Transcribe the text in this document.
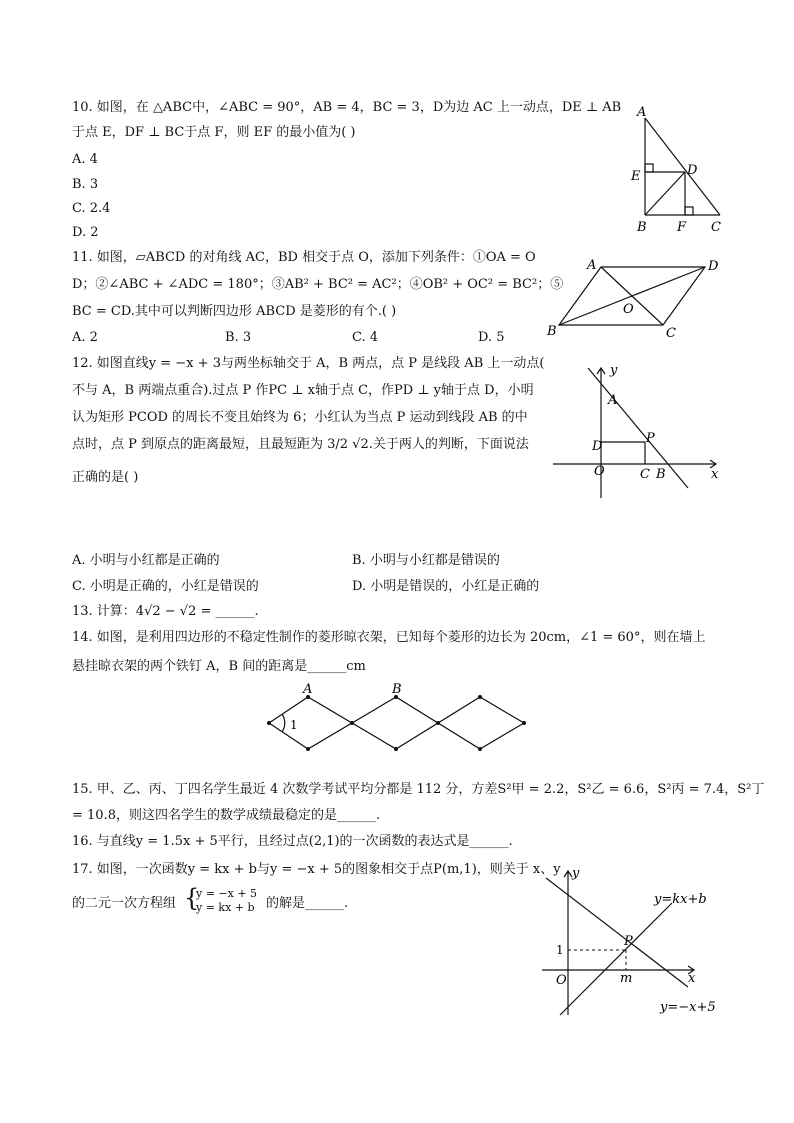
10. 如图，在 △ABC中，∠ABC = 90°，AB = 4，BC = 3，D为边 AC 上一动点，DE ⊥ AB
于点 E，DF ⊥ BC于点 F，则 EF 的最小值为( )
A. 4
B. 3
C. 2.4
D. 2
A
D
E
B F C
11. 如图，▱ABCD 的对角线 AC，BD 相交于点 O，添加下列条件：①OA = O
D；②∠ABC + ∠ADC = 180°；③AB² + BC² = AC²；④OB² + OC² = BC²；⑤
BC = CD.其中可以判断四边形 ABCD 是菱形的有个.( )
A. 2	B. 3	C. 4	D. 5
A	D
B	C
O
12. 如图直线y = −x + 3与两坐标轴交于 A，B 两点，点 P 是线段 AB 上一动点(
不与 A，B 两端点重合).过点 P 作PC ⊥ x轴于点 C，作PD ⊥ y轴于点 D，小明
认为矩形 PCOD 的周长不变且始终为 6；小红认为当点 P 运动到线段 AB 的中
点时，点 P 到原点的距离最短，且最短距为 3/2 √2.关于两人的判断，下面说法
正确的是( )
y
x
A
D
P
O	C B
A. 小明与小红都是正确的	B. 小明与小红都是错误的
C. 小明是正确的，小红是错误的	D. 小明是错误的，小红是正确的
13. 计算：4√2 − √2 = ______.
14. 如图，是利用四边形的不稳定性制作的菱形晾衣架，已知每个菱形的边长为 20cm，∠1 = 60°，则在墙上
悬挂晾衣架的两个铁钉 A，B 间的距离是______cm
A	B
1
15. 甲、乙、丙、丁四名学生最近 4 次数学考试平均分都是 112 分，方差S²甲 = 2.2，S²乙 = 6.6，S²丙 = 7.4，S²丁
= 10.8，则这四名学生的数学成绩最稳定的是______.
16. 与直线y = 1.5x + 5平行，且经过点(2,1)的一次函数的表达式是______.
17. 如图，一次函数y = kx + b与y = −x + 5的图象相交于点P(m,1)，则关于 x、y
的二元一次方程组 {
y = −x + 5
y = kx + b 的解是______.
y
x
O
1
P
m
y=kx+b
y=−x+5
